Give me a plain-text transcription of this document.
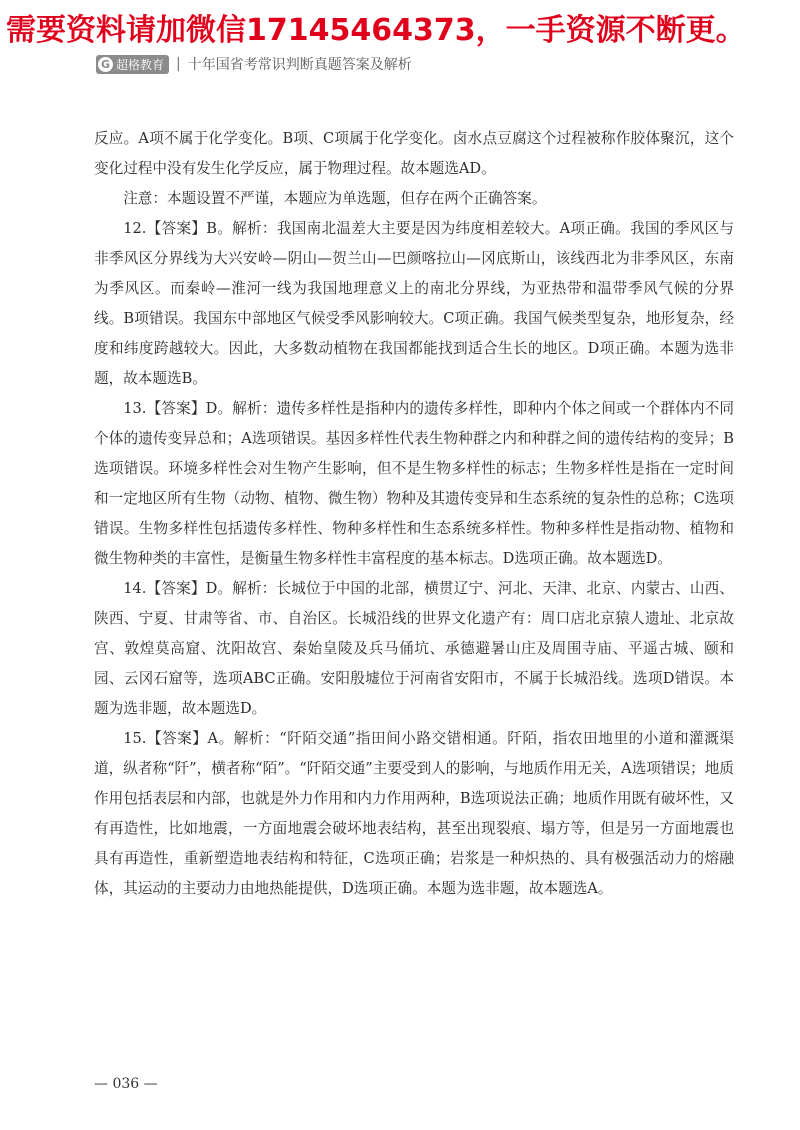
需要资料请加微信17145464373，一手资源不断更。
G 超格教育 | 十年国省考常识判断真题答案及解析

反应。A项不属于化学变化。B项、C项属于化学变化。卤水点豆腐这个过程被称作胶体聚沉，这个变化过程中没有发生化学反应，属于物理过程。故本题选AD。

注意：本题设置不严谨，本题应为单选题，但存在两个正确答案。

12.【答案】B。解析：我国南北温差大主要是因为纬度相差较大。A项正确。我国的季风区与非季风区分界线为大兴安岭—阴山—贺兰山—巴颜喀拉山—冈底斯山，该线西北为非季风区，东南为季风区。而秦岭—淮河一线为我国地理意义上的南北分界线，为亚热带和温带季风气候的分界线。B项错误。我国东中部地区气候受季风影响较大。C项正确。我国气候类型复杂，地形复杂，经度和纬度跨越较大。因此，大多数动植物在我国都能找到适合生长的地区。D项正确。本题为选非题，故本题选B。

13.【答案】D。解析：遗传多样性是指种内的遗传多样性，即种内个体之间或一个群体内不同个体的遗传变异总和；A选项错误。基因多样性代表生物种群之内和种群之间的遗传结构的变异；B选项错误。环境多样性会对生物产生影响，但不是生物多样性的标志；生物多样性是指在一定时间和一定地区所有生物（动物、植物、微生物）物种及其遗传变异和生态系统的复杂性的总称；C选项错误。生物多样性包括遗传多样性、物种多样性和生态系统多样性。物种多样性是指动物、植物和微生物种类的丰富性，是衡量生物多样性丰富程度的基本标志。D选项正确。故本题选D。

14.【答案】D。解析：长城位于中国的北部，横贯辽宁、河北、天津、北京、内蒙古、山西、陕西、宁夏、甘肃等省、市、自治区。长城沿线的世界文化遗产有：周口店北京猿人遗址、北京故宫、敦煌莫高窟、沈阳故宫、秦始皇陵及兵马俑坑、承德避暑山庄及周围寺庙、平遥古城、颐和园、云冈石窟等，选项ABC正确。安阳殷墟位于河南省安阳市，不属于长城沿线。选项D错误。本题为选非题，故本题选D。

15.【答案】A。解析：“阡陌交通”指田间小路交错相通。阡陌，指农田地里的小道和灌溉渠道，纵者称“阡”，横者称“陌”。“阡陌交通”主要受到人的影响，与地质作用无关，A选项错误；地质作用包括表层和内部，也就是外力作用和内力作用两种，B选项说法正确；地质作用既有破坏性，又有再造性，比如地震，一方面地震会破坏地表结构，甚至出现裂痕、塌方等，但是另一方面地震也具有再造性，重新塑造地表结构和特征，C选项正确；岩浆是一种炽热的、具有极强活动力的熔融体，其运动的主要动力由地热能提供，D选项正确。本题为选非题，故本题选A。

— 036 —
